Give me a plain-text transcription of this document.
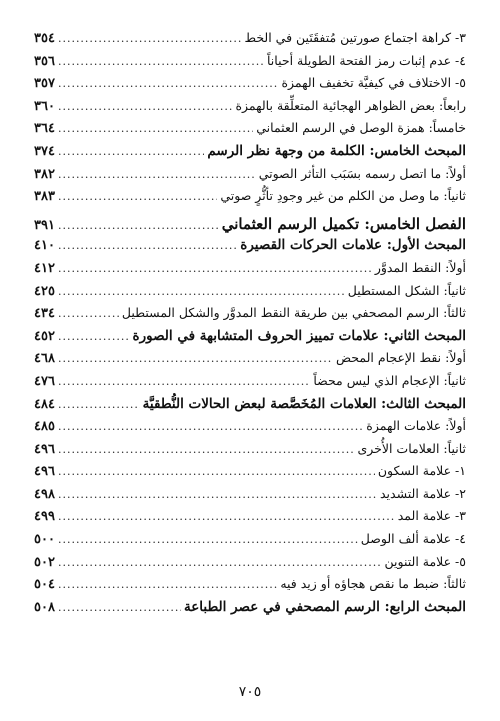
٣- كراهة اجتماع صورتين مُتفقَتَين في الخط
.....
٣٥٤
٤- عدم إثبات رمز الفتحة الطويلة أحياناً
.....
٣٥٦
٥- الاختلاف في كيفيَّة تخفيف الهمزة
.....
٣٥٧
رابعاً: بعض الظواهر الهجائية المتعلِّقة بالهمزة
.....
٣٦٠
خامساً: همزة الوصل في الرسم العثماني
.....
٣٦٤
المبحث الخامس: الكلمة من وجهة نظر الرسم
.....
٣٧٤
أولاً: ما اتصل رسمه بسَبَب التأثر الصوتي
.....
٣٨٢
ثانياً: ما وصل من الكلم من غير وجودِ تأثُّرٍ صوتي
.....
٣٨٣
الفصل الخامس: تكميل الرسم العثماني
.....
٣٩١
المبحث الأول: علامات الحركات القصيرة
.....
٤١٠
أولاً: النقط المدوَّر
.....
٤١٢
ثانياً: الشكل المستطيل
.....
٤٢٥
ثالثاً: الرسم المصحفي بين طريقة النقط المدوَّر والشكل المستطيل
.....
٤٣٤
المبحث الثاني: علامات تمييز الحروف المتشابهة في الصورة
.....
٤٥٢
أولاً: نقط الإعجام المحض
.....
٤٦٨
ثانياً: الإعجام الذي ليس محضاً
.....
٤٧٦
المبحث الثالث: العلامات المُخَصَّصة لبعض الحالات النُّطقيَّة
.....
٤٨٤
أولاً: علامات الهمزة
.....
٤٨٥
ثانياً: العلامات الأُخرى
.....
٤٩٦
١- علامة السكون
.....
٤٩٦
٢- علامة التشديد
.....
٤٩٨
٣- علامة المد
.....
٤٩٩
٤- علامة ألف الوصل
.....
٥٠٠
٥- علامة التنوين
.....
٥٠٢
ثالثاً: ضبط ما نقص هجاؤه أو زيد فيه
.....
٥٠٤
المبحث الرابع: الرسم المصحفي في عصر الطباعة
.....
٥٠٨
٧٠٥
